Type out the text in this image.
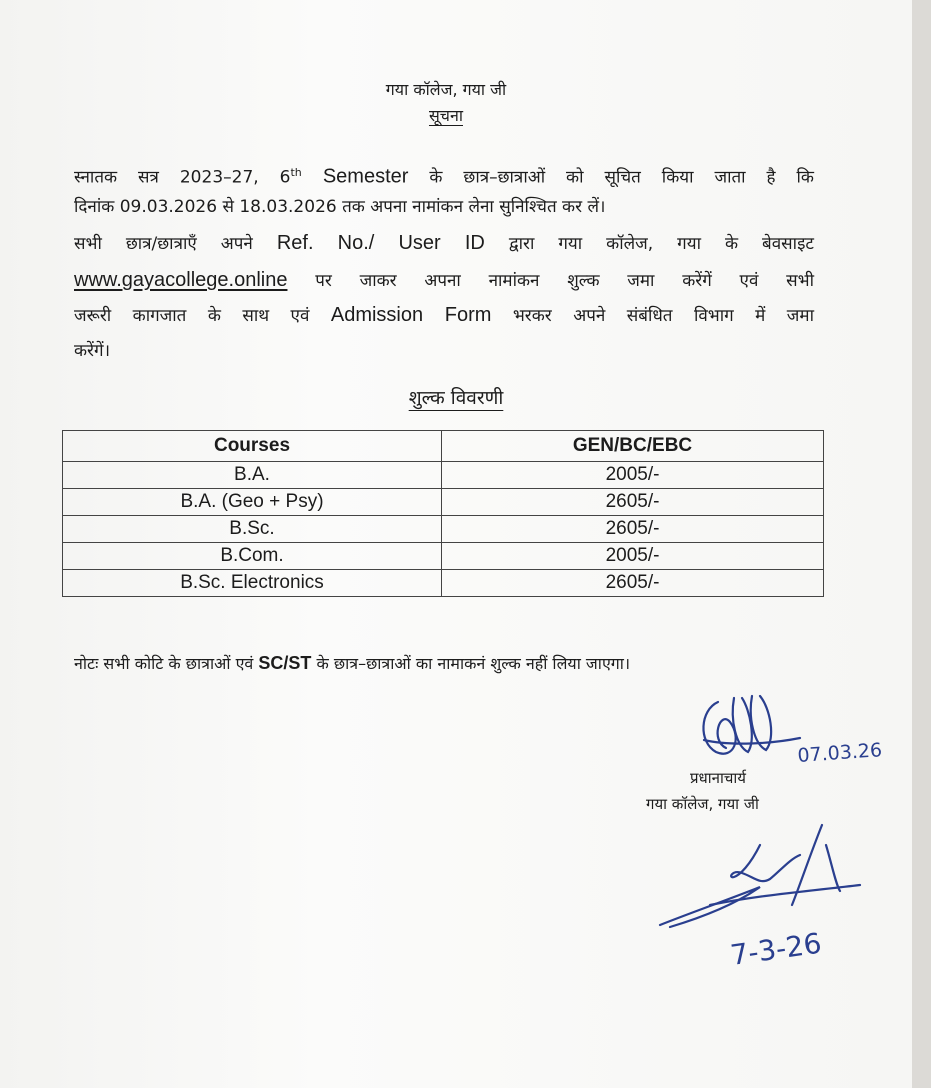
गया कॉलेज, गया जी
सूचना
स्नातक सत्र 2023–27, 6th Semester के छात्र–छात्राओं को सूचित किया जाता है कि
दिनांक 09.03.2026 से 18.03.2026 तक अपना नामांकन लेना सुनिश्चित कर लें।
सभी छात्र/छात्राएँ अपने Ref. No./ User ID द्वारा गया कॉलेज, गया के बेवसाइट
www.gayacollege.online पर जाकर अपना नामांकन शुल्क जमा करेंगें एवं सभी
जरूरी कागजात के साथ एवं Admission Form भरकर अपने संबंधित विभाग में जमा
करेंगें।
शुल्क विवरणी
Courses	GEN/BC/EBC
B.A.	2005/-
B.A. (Geo + Psy)	2605/-
B.Sc.	2605/-
B.Com.	2005/-
B.Sc. Electronics	2605/-
नोटः सभी कोटि के छात्राओं एवं SC/ST के छात्र–छात्राओं का नामाकनं शुल्क नहीं लिया जाएगा।
07.03.26
प्रधानाचार्य
गया कॉलेज, गया जी
7-3-26
